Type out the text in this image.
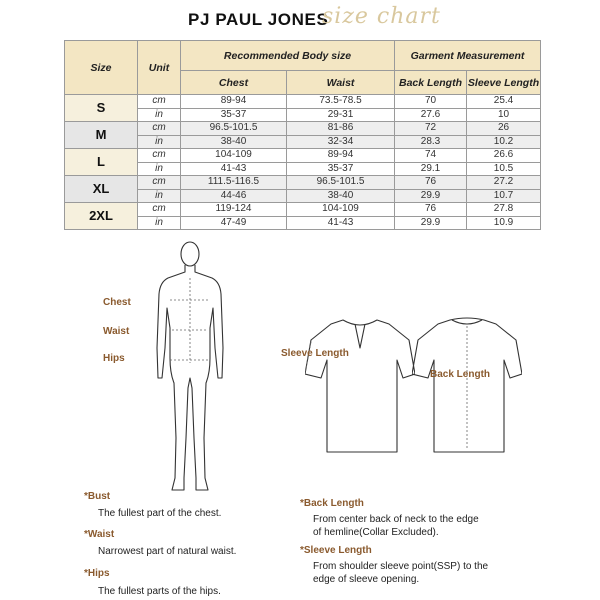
PJ PAUL JONES
size chart
Size	Unit	Recommended Body size		Garment Measurement	
		Chest	Waist	Back Length	Sleeve Length
S	cm	89-94	73.5-78.5	70	25.4
	in	35-37	29-31	27.6	10
M	cm	96.5-101.5	81-86	72	26
	in	38-40	32-34	28.3	10.2
L	cm	104-109	89-94	74	26.6
	in	41-43	35-37	29.1	10.5
XL	cm	111.5-116.5	96.5-101.5	76	27.2
	in	44-46	38-40	29.9	10.7
2XL	cm	119-124	104-109	76	27.8
	in	47-49	41-43	29.9	10.9
Chest
Waist
Hips	Sleeve Length
Back Length
*Bust
The fullest part of the chest.
*Waist
Narrowest part of natural waist.
*Hips
The fullest parts of the hips.
*Back Length
From center back of neck to the edge
of hemline(Collar Excluded).
*Sleeve Length
From shoulder sleeve point(SSP) to the
edge of sleeve opening.
